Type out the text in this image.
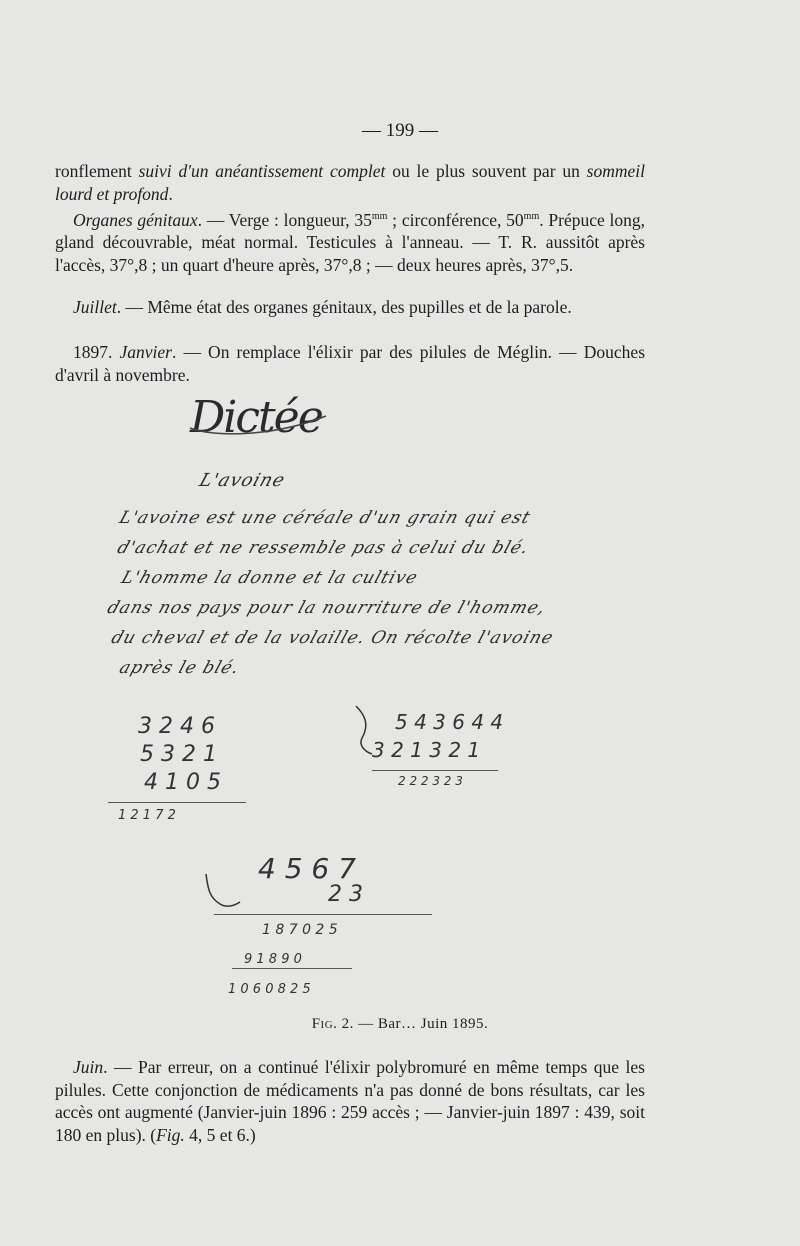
— 199 —

ronflement suivi d'un anéantissement complet ou le plus souvent par un sommeil lourd et profond.

Organes génitaux. — Verge : longueur, $35^{mm}$ ; circonférence, $50^{mm}$. Prépuce long, gland découvrable, méat normal. Testicules à l'anneau. — T. R. aussitôt après l'accès, 37°,8 ; un quart d'heure après, 37°,8 ; — deux heures après, 37°,5.

Juillet. — Même état des organes génitaux, des pupilles et de la parole.

1897. Janvier. — On remplace l'élixir par des pilules de Méglin. — Douches d'avril à novembre.

Dictée
L'avoine
L'avoine est une céréale d'un grain qui est
d'achat et ne ressemble pas à celui du blé.
L'homme la donne et la cultive
dans nos pays pour la nourriture de l'homme,
du cheval et de la volaille. On récolte l'avoine
après le blé.
3 2 4 6
5 3 2 1
4 1 0 5
1 2 1 7 2
5 4 3 6 4 4
3 2 1 3 2 1
2 2 2 3 2 3
4 5 6 7
2 3
1 8 7 0 2 5
9 1 8 9 0
1 0 6 0 8 2 5
Fig. 2. — Bar… Juin 1895.

Juin. — Par erreur, on a continué l'élixir polybromuré en même temps que les pilules. Cette conjonction de médicaments n'a pas donné de bons résultats, car les accès ont augmenté (Janvier-juin 1896 : 259 accès ; — Janvier-juin 1897 : 439, soit 180 en plus). (Fig. 4, 5 et 6.)
